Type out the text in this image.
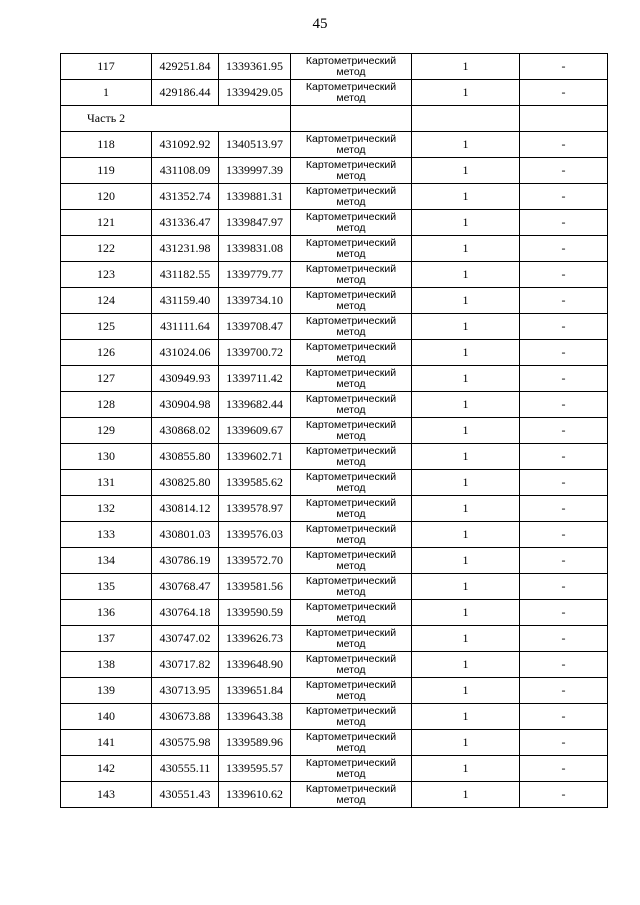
45
117	429251.84	1339361.95	Картометрический
метод	1	-
1	429186.44	1339429.05	Картометрический
метод	1	-
Часть 2					
118	431092.92	1340513.97	Картометрический
метод	1	-
119	431108.09	1339997.39	Картометрический
метод	1	-
120	431352.74	1339881.31	Картометрический
метод	1	-
121	431336.47	1339847.97	Картометрический
метод	1	-
122	431231.98	1339831.08	Картометрический
метод	1	-
123	431182.55	1339779.77	Картометрический
метод	1	-
124	431159.40	1339734.10	Картометрический
метод	1	-
125	431111.64	1339708.47	Картометрический
метод	1	-
126	431024.06	1339700.72	Картометрический
метод	1	-
127	430949.93	1339711.42	Картометрический
метод	1	-
128	430904.98	1339682.44	Картометрический
метод	1	-
129	430868.02	1339609.67	Картометрический
метод	1	-
130	430855.80	1339602.71	Картометрический
метод	1	-
131	430825.80	1339585.62	Картометрический
метод	1	-
132	430814.12	1339578.97	Картометрический
метод	1	-
133	430801.03	1339576.03	Картометрический
метод	1	-
134	430786.19	1339572.70	Картометрический
метод	1	-
135	430768.47	1339581.56	Картометрический
метод	1	-
136	430764.18	1339590.59	Картометрический
метод	1	-
137	430747.02	1339626.73	Картометрический
метод	1	-
138	430717.82	1339648.90	Картометрический
метод	1	-
139	430713.95	1339651.84	Картометрический
метод	1	-
140	430673.88	1339643.38	Картометрический
метод	1	-
141	430575.98	1339589.96	Картометрический
метод	1	-
142	430555.11	1339595.57	Картометрический
метод	1	-
143	430551.43	1339610.62	Картометрический
метод	1	-
